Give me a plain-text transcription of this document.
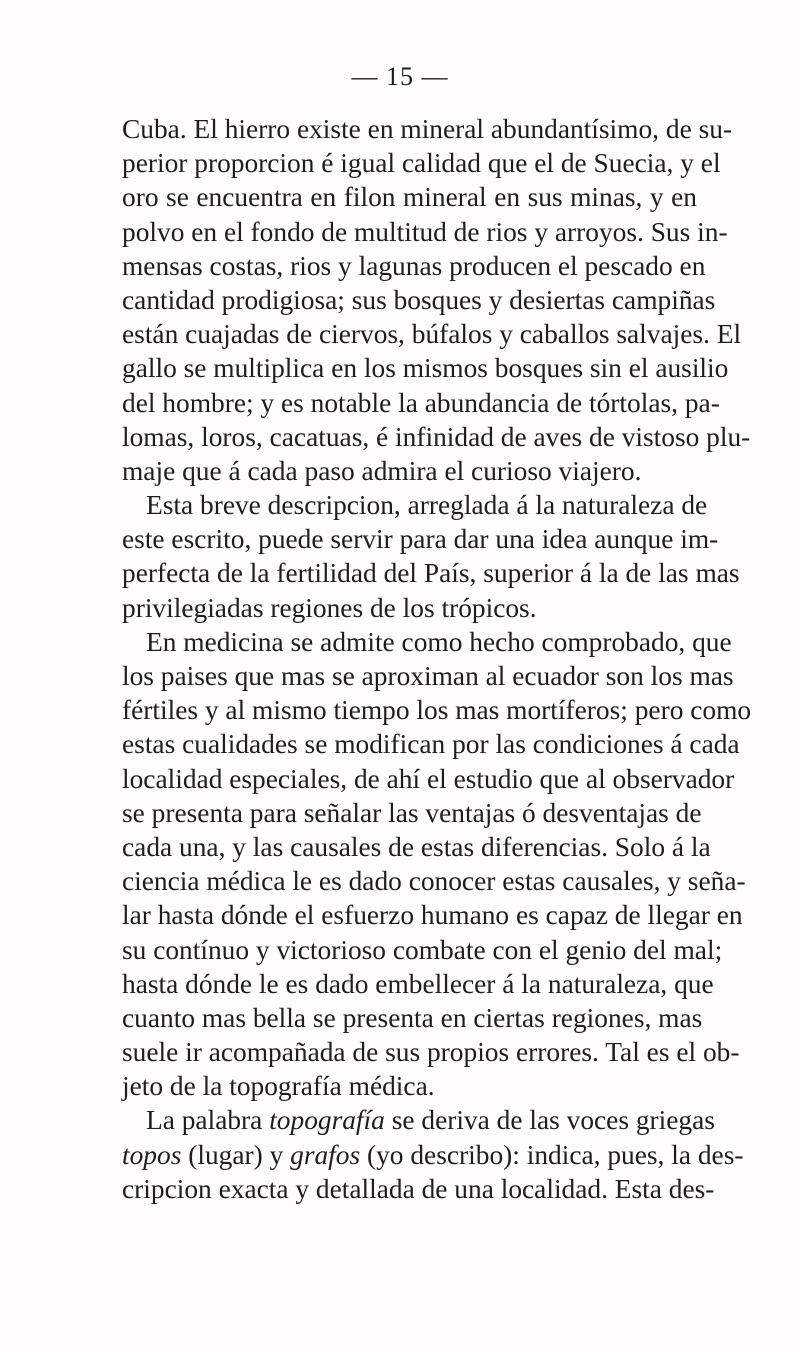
— 15 —
Cuba. El hierro existe en mineral abundantísimo, de su-
perior proporcion é igual calidad que el de Suecia, y el
oro se encuentra en filon mineral en sus minas, y en
polvo en el fondo de multitud de rios y arroyos. Sus in-
mensas costas, rios y lagunas producen el pescado en
cantidad prodigiosa; sus bosques y desiertas campiñas
están cuajadas de ciervos, búfalos y caballos salvajes. El
gallo se multiplica en los mismos bosques sin el ausilio
del hombre; y es notable la abundancia de tórtolas, pa-
lomas, loros, cacatuas, é infinidad de aves de vistoso plu-
maje que á cada paso admira el curioso viajero.
Esta breve descripcion, arreglada á la naturaleza de
este escrito, puede servir para dar una idea aunque im-
perfecta de la fertilidad del País, superior á la de las mas
privilegiadas regiones de los trópicos.
En medicina se admite como hecho comprobado, que
los paises que mas se aproximan al ecuador son los mas
fértiles y al mismo tiempo los mas mortíferos; pero como
estas cualidades se modifican por las condiciones á cada
localidad especiales, de ahí el estudio que al observador
se presenta para señalar las ventajas ó desventajas de
cada una, y las causales de estas diferencias. Solo á la
ciencia médica le es dado conocer estas causales, y seña-
lar hasta dónde el esfuerzo humano es capaz de llegar en
su contínuo y victorioso combate con el genio del mal;
hasta dónde le es dado embellecer á la naturaleza, que
cuanto mas bella se presenta en ciertas regiones, mas
suele ir acompañada de sus propios errores. Tal es el ob-
jeto de la topografía médica.
La palabra topografía se deriva de las voces griegas
topos (lugar) y grafos (yo describo): indica, pues, la des-
cripcion exacta y detallada de una localidad. Esta des-
